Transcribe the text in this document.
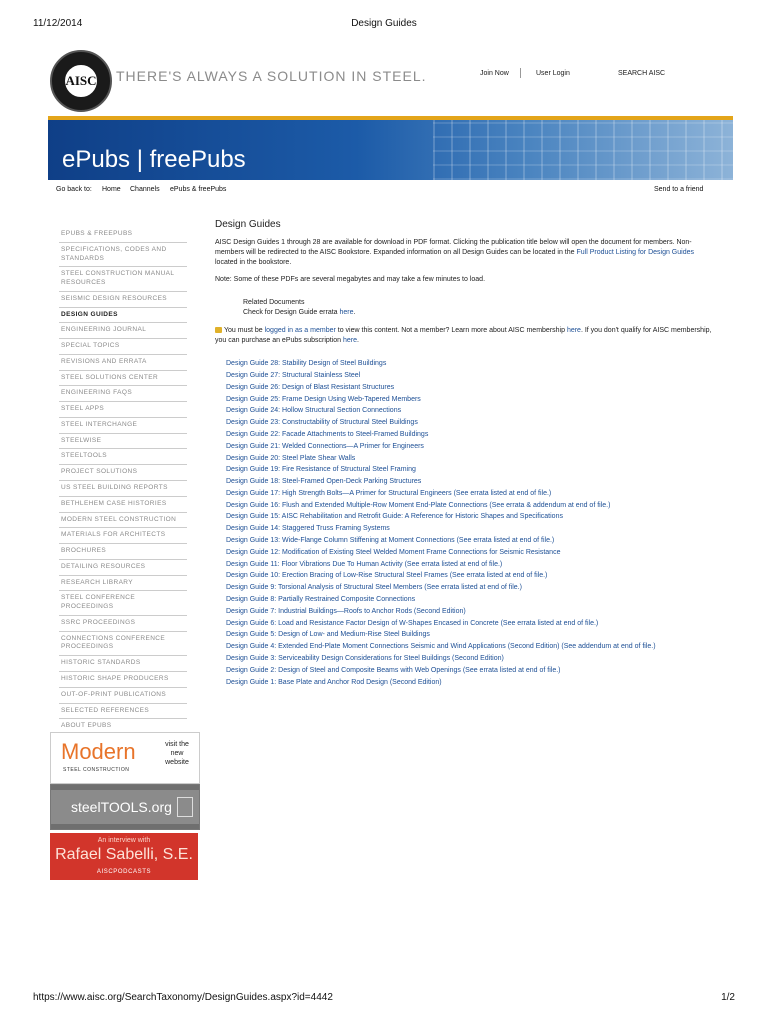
11/12/2014	Design Guides
AISC THERE'S ALWAYS A SOLUTION IN STEEL.	Join Now	User Login	SEARCH AISC
ePubs | freePubs
Go back to: Home Channels ePubs & freePubs	Send to a friend
EPUBS & FREEPUBS
SPECIFICATIONS, CODES AND STANDARDS
STEEL CONSTRUCTION MANUAL RESOURCES
SEISMIC DESIGN RESOURCES
DESIGN GUIDES
ENGINEERING JOURNAL
SPECIAL TOPICS
REVISIONS AND ERRATA
STEEL SOLUTIONS CENTER
ENGINEERING FAQS
STEEL APPS
STEEL INTERCHANGE
STEELWISE
STEELTOOLS
PROJECT SOLUTIONS
US STEEL BUILDING REPORTS
BETHLEHEM CASE HISTORIES
MODERN STEEL CONSTRUCTION
MATERIALS FOR ARCHITECTS
BROCHURES
DETAILING RESOURCES
RESEARCH LIBRARY
STEEL CONFERENCE PROCEEDINGS
SSRC PROCEEDINGS
CONNECTIONS CONFERENCE PROCEEDINGS
HISTORIC STANDARDS
HISTORIC SHAPE PRODUCERS
OUT-OF-PRINT PUBLICATIONS
SELECTED REFERENCES
ABOUT EPUBS
Modern
STEEL CONSTRUCTION
visit the new website
steelTOOLS.org
An interview with
Rafael Sabelli, S.E.
AISCPODCASTS
Design Guides

AISC Design Guides 1 through 28 are available for download in PDF format. Clicking the publication title below will open the document for members. Non-members will be redirected to the AISC Bookstore. Expanded information on all Design Guides can be located in the Full Product Listing for Design Guides located in the bookstore.

Note: Some of these PDFs are several megabytes and may take a few minutes to load.

Related Documents
Check for Design Guide errata here.
You must be logged in as a member to view this content. Not a member? Learn more about AISC membership here. If you don't qualify for AISC membership, you can purchase an ePubs subscription here.
Design Guide 28: Stability Design of Steel Buildings
Design Guide 27: Structural Stainless Steel
Design Guide 26: Design of Blast Resistant Structures
Design Guide 25: Frame Design Using Web-Tapered Members
Design Guide 24: Hollow Structural Section Connections
Design Guide 23: Constructability of Structural Steel Buildings
Design Guide 22: Facade Attachments to Steel-Framed Buildings
Design Guide 21: Welded Connections—A Primer for Engineers
Design Guide 20: Steel Plate Shear Walls
Design Guide 19: Fire Resistance of Structural Steel Framing
Design Guide 18: Steel-Framed Open-Deck Parking Structures
Design Guide 17: High Strength Bolts—A Primer for Structural Engineers (See errata listed at end of file.)
Design Guide 16: Flush and Extended Multiple-Row Moment End-Plate Connections (See errata & addendum at end of file.)
Design Guide 15: AISC Rehabilitation and Retrofit Guide: A Reference for Historic Shapes and Specifications
Design Guide 14: Staggered Truss Framing Systems
Design Guide 13: Wide-Flange Column Stiffening at Moment Connections (See errata listed at end of file.)
Design Guide 12: Modification of Existing Steel Welded Moment Frame Connections for Seismic Resistance
Design Guide 11: Floor Vibrations Due To Human Activity (See errata listed at end of file.)
Design Guide 10: Erection Bracing of Low-Rise Structural Steel Frames (See errata listed at end of file.)
Design Guide 9: Torsional Analysis of Structural Steel Members (See errata listed at end of file.)
Design Guide 8: Partially Restrained Composite Connections
Design Guide 7: Industrial Buildings—Roofs to Anchor Rods (Second Edition)
Design Guide 6: Load and Resistance Factor Design of W-Shapes Encased in Concrete (See errata listed at end of file.)
Design Guide 5: Design of Low- and Medium-Rise Steel Buildings
Design Guide 4: Extended End-Plate Moment Connections Seismic and Wind Applications (Second Edition) (See addendum at end of file.)
Design Guide 3: Serviceability Design Considerations for Steel Buildings (Second Edition)
Design Guide 2: Design of Steel and Composite Beams with Web Openings (See errata listed at end of file.)
Design Guide 1: Base Plate and Anchor Rod Design (Second Edition)
https://www.aisc.org/SearchTaxonomy/DesignGuides.aspx?id=4442	1/2
